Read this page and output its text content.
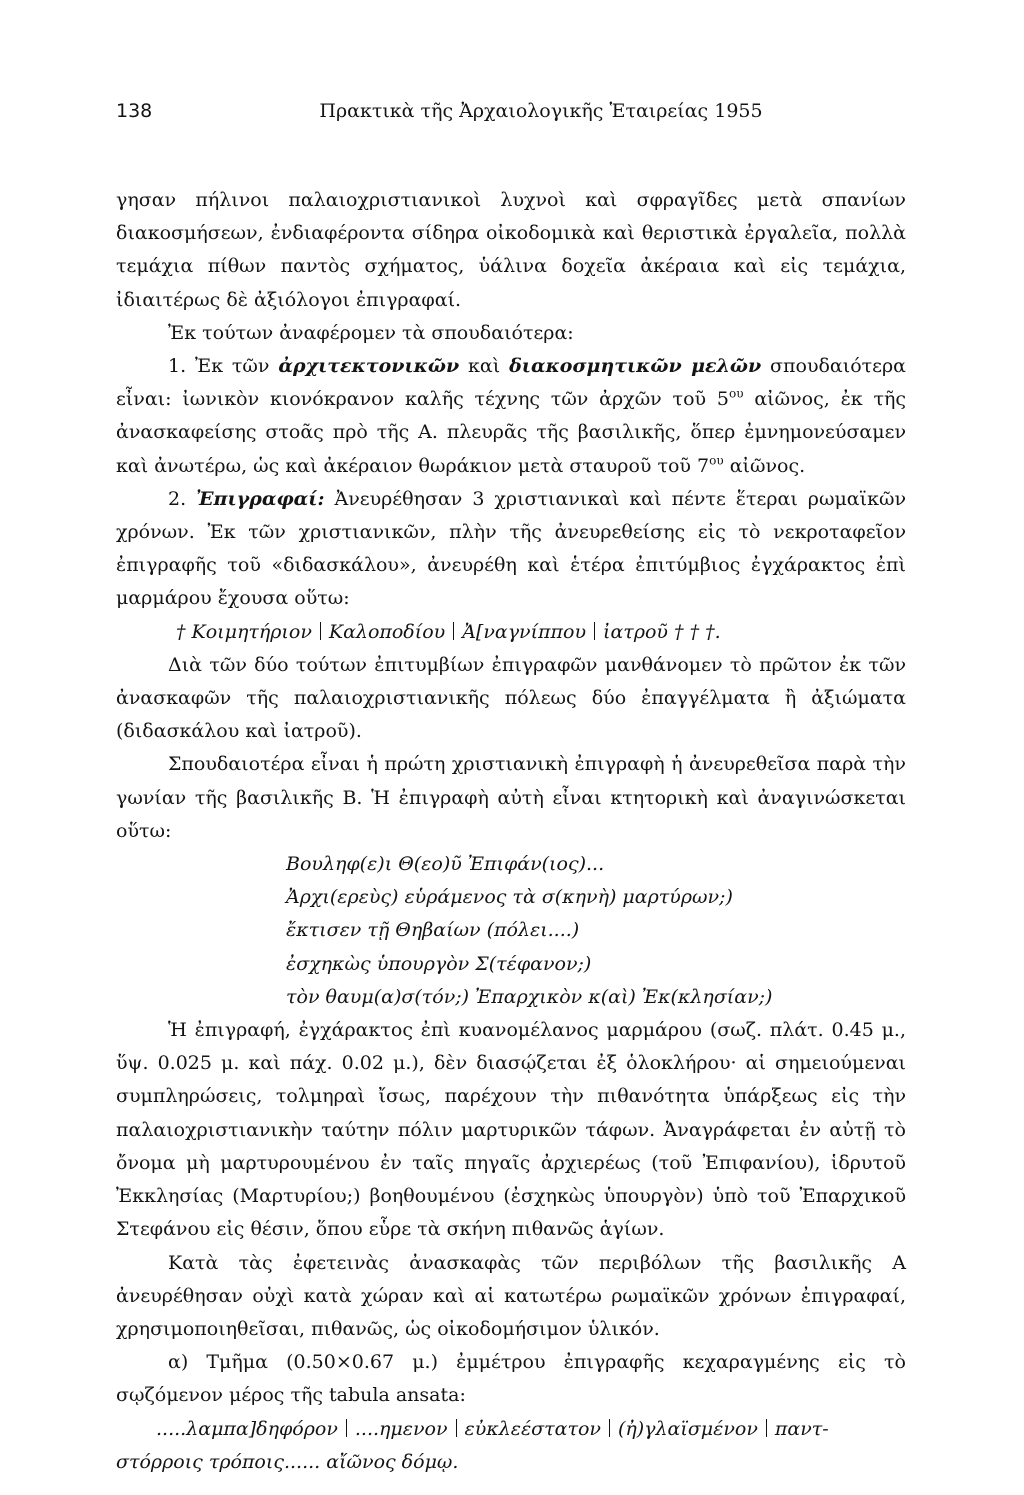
138	Πρακτικὰ τῆς Ἀρχαιολογικῆς Ἑταιρείας 1955

γησαν πήλινοι παλαιοχριστιανικοὶ λυχνοὶ καὶ σφραγῖδες μετὰ σπανίων διακοσμήσεων, ἐνδιαφέροντα σίδηρα οἰκοδομικὰ καὶ θεριστικὰ ἐργαλεῖα, πολλὰ τεμάχια πίθων παντὸς σχήματος, ὑάλινα δοχεῖα ἀκέραια καὶ εἰς τεμάχια, ἰδιαιτέρως δὲ ἀξιόλογοι ἐπιγραφαί.

Ἐκ τούτων ἀναφέρομεν τὰ σπουδαιότερα:

1. Ἐκ τῶν ἀρχιτεκτονικῶν καὶ διακοσμητικῶν μελῶν σπουδαιότερα εἶναι: ἰωνικὸν κιονόκρανον καλῆς τέχνης τῶν ἀρχῶν τοῦ $5^{o\upsilon}$ αἰῶνος, ἐκ τῆς ἀνασκαφείσης στοᾶς πρὸ τῆς Α. πλευρᾶς τῆς βασιλικῆς, ὅπερ ἐμνημονεύσαμεν καὶ ἀνωτέρω, ὡς καὶ ἀκέραιον θωράκιον μετὰ σταυροῦ τοῦ $7^{o\upsilon}$ αἰῶνος.

2. Ἐπιγραφαί: Ἀνευρέθησαν 3 χριστιανικαὶ καὶ πέντε ἕτεραι ρωμαϊκῶν χρόνων. Ἐκ τῶν χριστιανικῶν, πλὴν τῆς ἀνευρεθείσης εἰς τὸ νεκροταφεῖον ἐπιγραφῆς τοῦ «διδασκάλου», ἀνευρέθη καὶ ἑτέρα ἐπιτύμβιος ἐγχάρακτος ἐπὶ μαρμάρου ἔχουσα οὕτω:

† Κοιμητήριον Καλοποδίου Ἀ[ναγνίππου ἰατροῦ † † †.

Διὰ τῶν δύο τούτων ἐπιτυμβίων ἐπιγραφῶν μανθάνομεν τὸ πρῶτον ἐκ τῶν ἀνασκαφῶν τῆς παλαιοχριστιανικῆς πόλεως δύο ἐπαγγέλματα ἢ ἀξιώματα (διδασκάλου καὶ ἰατροῦ).

Σπουδαιοτέρα εἶναι ἡ πρώτη χριστιανικὴ ἐπιγραφὴ ἡ ἀνευρεθεῖσα παρὰ τὴν γωνίαν τῆς βασιλικῆς Β. Ἡ ἐπιγραφὴ αὐτὴ εἶναι κτητορικὴ καὶ ἀναγινώσκεται οὕτω:

Βουληφ(ε)ι Θ(εο)ῦ Ἐπιφάν(ιος)...

Ἀρχι(ερεὺς) εὑράμενος τὰ σ(κηνὴ) μαρτύρων;)

ἔκτισεν τῇ Θηβαίων (πόλει....)

ἐσχηκὼς ὑπουργὸν Σ(τέφανον;)

τὸν θαυμ(α)σ(τόν;) Ἐπαρχικὸν κ(αὶ) Ἐκ(κλησίαν;)

Ἡ ἐπιγραφή, ἐγχάρακτος ἐπὶ κυανομέλανος μαρμάρου (σωζ. πλάτ. 0.45 μ., ὕψ. 0.025 μ. καὶ πάχ. 0.02 μ.), δὲν διασῴζεται ἐξ ὁλοκλήρου· αἱ σημειούμεναι συμπληρώσεις, τολμηραὶ ἴσως, παρέχουν τὴν πιθανότητα ὑπάρξεως εἰς τὴν παλαιοχριστιανικὴν ταύτην πόλιν μαρτυρικῶν τάφων. Ἀναγράφεται ἐν αὐτῇ τὸ ὄνομα μὴ μαρτυρουμένου ἐν ταῖς πηγαῖς ἀρχιερέως (τοῦ Ἐπιφανίου), ἱδρυτοῦ Ἐκκλησίας (Μαρτυρίου;) βοηθουμένου (ἐσχηκὼς ὑπουργὸν) ὑπὸ τοῦ Ἐπαρχικοῦ Στεφάνου εἰς θέσιν, ὅπου εὗρε τὰ σκήνη πιθανῶς ἁγίων.

Κατὰ τὰς ἐφετεινὰς ἀνασκαφὰς τῶν περιβόλων τῆς βασιλικῆς Α ἀνευρέθησαν οὐχὶ κατὰ χώραν καὶ αἱ κατωτέρω ρωμαϊκῶν χρόνων ἐπιγραφαί, χρησιμοποιηθεῖσαι, πιθανῶς, ὡς οἰκοδομήσιμον ὑλικόν.

α) Τμῆμα (0.50×0.67 μ.) ἐμμέτρου ἐπιγραφῆς κεχαραγμένης εἰς τὸ σῳζόμενον μέρος τῆς tabula ansata:

.....λαμπα]δηφόρον ....ημενον εὐκλεέστατον (ἠ)γλαϊσμένον παντ-στόρροις τρόποις...... αἴῶνος δόμῳ.
